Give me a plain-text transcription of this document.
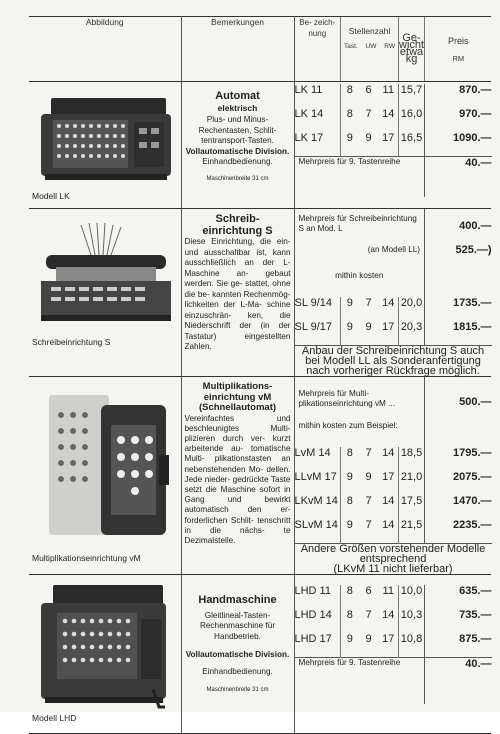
Abbildung	Bemerkungen		Be- zeich- nung	Stellenzahl
Tast. UW RW
	Ge- wicht etwa kg	
Preis
RM

Modell LK

Automat
elektrisch
Plus- und Minus- Rechentasten, Schlit- tentransport-Tasten.
Vollautomatische Division.
Einhandbedienung.
Maschinenbreite 31 cm

LK 11	8	6	11	15,7	870.—
LK 14	8	7	14	16,0	970.—
LK 17	9	9	17	16,5	1090.—
Mehrpreis für 9. Tastenreihe	40.—

Schreibeinrichtung S

Schreib- einrichtung S
Diese Einrichtung, die ein- und ausschaltbar ist, kann ausschließlich an der L-Maschine an- gebaut werden. Sie ge- stattet, ohne die be- kannten Rechenmög- lichkeiten der L-Ma- schine einzuschrän- ken, die Niederschrift der (in der Tastatur) eingestellten Zahlen.

Mehrpreis für Schreibeinrichtung S an Mod. L	400.—
(an Modell LL)	525.—)
mithin kosten	
SL 9/14	9	7	14	20,0	1735.—
SL 9/17	9	9	17	20,3	1815.—
Anbau der Schreibeinrichtung S auch bei Modell LL als Sonderanfertigung nach vorheriger Rückfrage möglich.

Multiplikationseinrichtung vM

Multiplikations- einrichtung vM (Schnellautomat)
Vereinfachtes und beschleunigtes Multi- plizieren durch ver- kurzt arbeitende au- tomatische Multi- plikationstasten an nebenstehenden Mo- dellen. Jede nieder- gedrückte Taste setzt die Maschine sofort in Gang und bewirkt automatisch den er- forderlichen Schlit- tenschritt in die nächs- te Dezimalstelle.

Mehrpreis für Multi- plikationseinrichtung vM ...	500.—
mithin kosten zum Beispiel:	
LvM 14	8	7	14	18,5	1795.—
LLvM 17	9	9	17	21,0	2075.—
LKvM 14	8	7	14	17,5	1470.—
SLvM 14	9	7	14	21,5	2235.—

Andere Größen vorstehender Modelle entsprechend
(LKvM 11 nicht lieferbar)

Modell LHD

Handmaschine
Gleitlineal-Tasten- Rechenmaschine für Handbetrieb.
Vollautomatische Division.
Einhandbedienung.
Maschinenbreite 31 cm

LHD 11	8	6	11	10,0	635.—
LHD 14	8	7	14	10,3	735.—
LHD 17	9	9	17	10,8	875.—
Mehrpreis für 9. Tastenreihe	40.—
